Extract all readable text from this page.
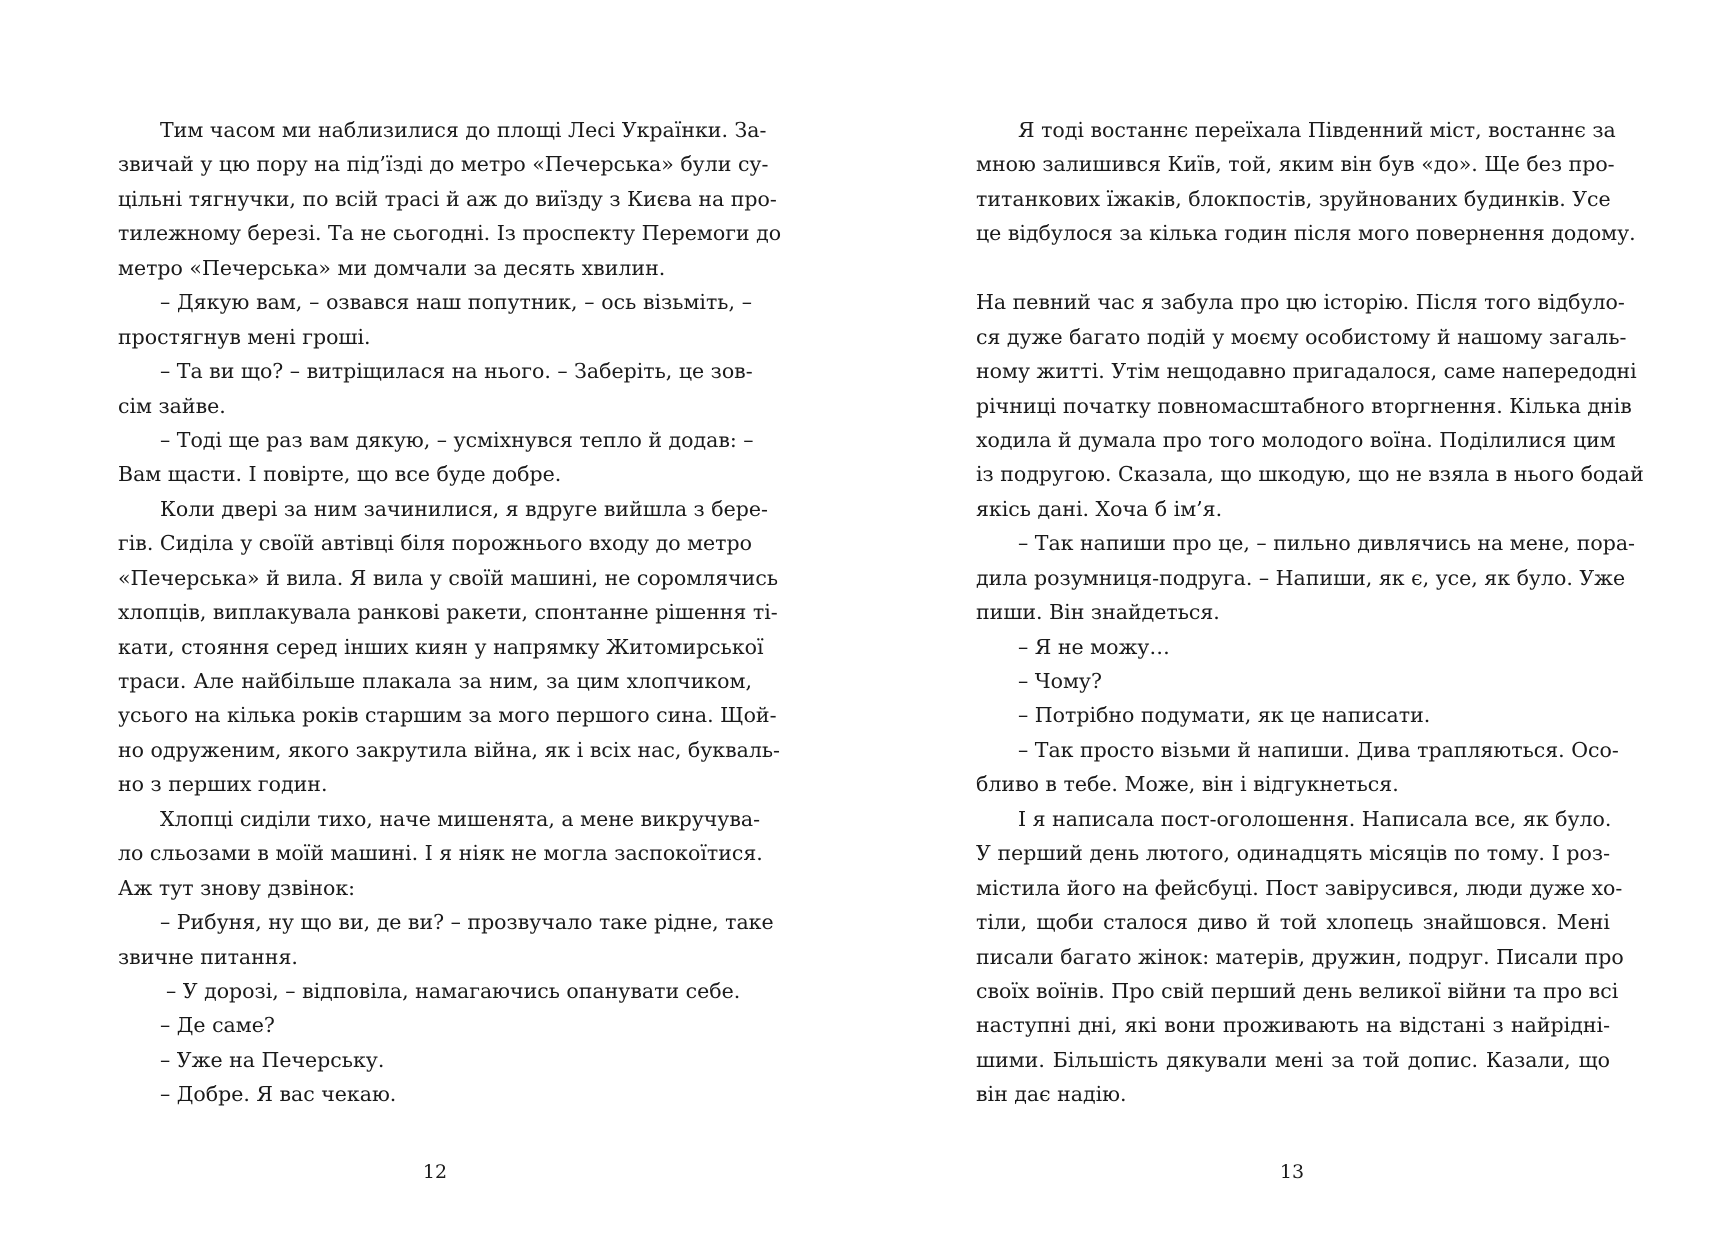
Тим часом ми наблизилися до площі Лесі Українки. За-
звичай у цю пору на під’їзді до метро «Печерська» були су-
цільні тягнучки, по всій трасі й аж до виїзду з Києва на про-
тилежному березі. Та не сьогодні. Із проспекту Перемоги до
метро «Печерська» ми домчали за десять хвилин.
– Дякую вам, – озвався наш попутник, – ось візьміть, –
простягнув мені гроші.
– Та ви що? – витріщилася на нього. – Заберіть, це зов-
сім зайве.
– Тоді ще раз вам дякую, – усміхнувся тепло й додав: –
Вам щасти. І повірте, що все буде добре.
Коли двері за ним зачинилися, я вдруге вийшла з бере-
гів. Сиділа у своїй автівці біля порожнього входу до метро
«Печерська» й вила. Я вила у своїй машині, не соромлячись
хлопців, виплакувала ранкові ракети, спонтанне рішення ті-
кати, стояння серед інших киян у напрямку Житомирської
траси. Але найбільше плакала за ним, за цим хлопчиком,
усього на кілька років старшим за мого першого сина. Щой-
но одруженим, якого закрутила війна, як і всіх нас, букваль-
но з перших годин.
Хлопці сиділи тихо, наче мишенята, а мене викручува-
ло сльозами в моїй машині. І я ніяк не могла заспокоїтися.
Аж тут знову дзвінок:
– Рибуня, ну що ви, де ви? – прозвучало таке рідне, таке
звичне питання.
– У дорозі, – відповіла, намагаючись опанувати себе.
– Де саме?
– Уже на Печерську.
– Добре. Я вас чекаю.
12
Я тоді востаннє переїхала Південний міст, востаннє за
мною залишився Київ, той, яким він був «до». Ще без про-
титанкових їжаків, блокпостів, зруйнованих будинків. Усе
це відбулося за кілька годин після мого повернення додому.
На певний час я забула про цю історію. Після того відбуло-
ся дуже багато подій у моєму особистому й нашому загаль-
ному житті. Утім нещодавно пригадалося, саме напередодні
річниці початку повномасштабного вторгнення. Кілька днів
ходила й думала про того молодого воїна. Поділилися цим
із подругою. Сказала, що шкодую, що не взяла в нього бодай
якісь дані. Хоча б ім’я.
– Так напиши про це, – пильно дивлячись на мене, пора-
дила розумниця-подруга. – Напиши, як є, усе, як було. Уже
пиши. Він знайдеться.
– Я не можу…
– Чому?
– Потрібно подумати, як це написати.
– Так просто візьми й напиши. Дива трапляються. Осо-
бливо в тебе. Може, він і відгукнеться.
І я написала пост-оголошення. Написала все, як було.
У перший день лютого, одинадцять місяців по тому. І роз-
містила його на фейсбуці. Пост завірусився, люди дуже хо-
тіли, щоби сталося диво й той хлопець знайшовся. Мені
писали багато жінок: матерів, дружин, подруг. Писали про
своїх воїнів. Про свій перший день великої війни та про всі
наступні дні, які вони проживають на відстані з найрідні-
шими. Більшість дякували мені за той допис. Казали, що
він дає надію.
13
